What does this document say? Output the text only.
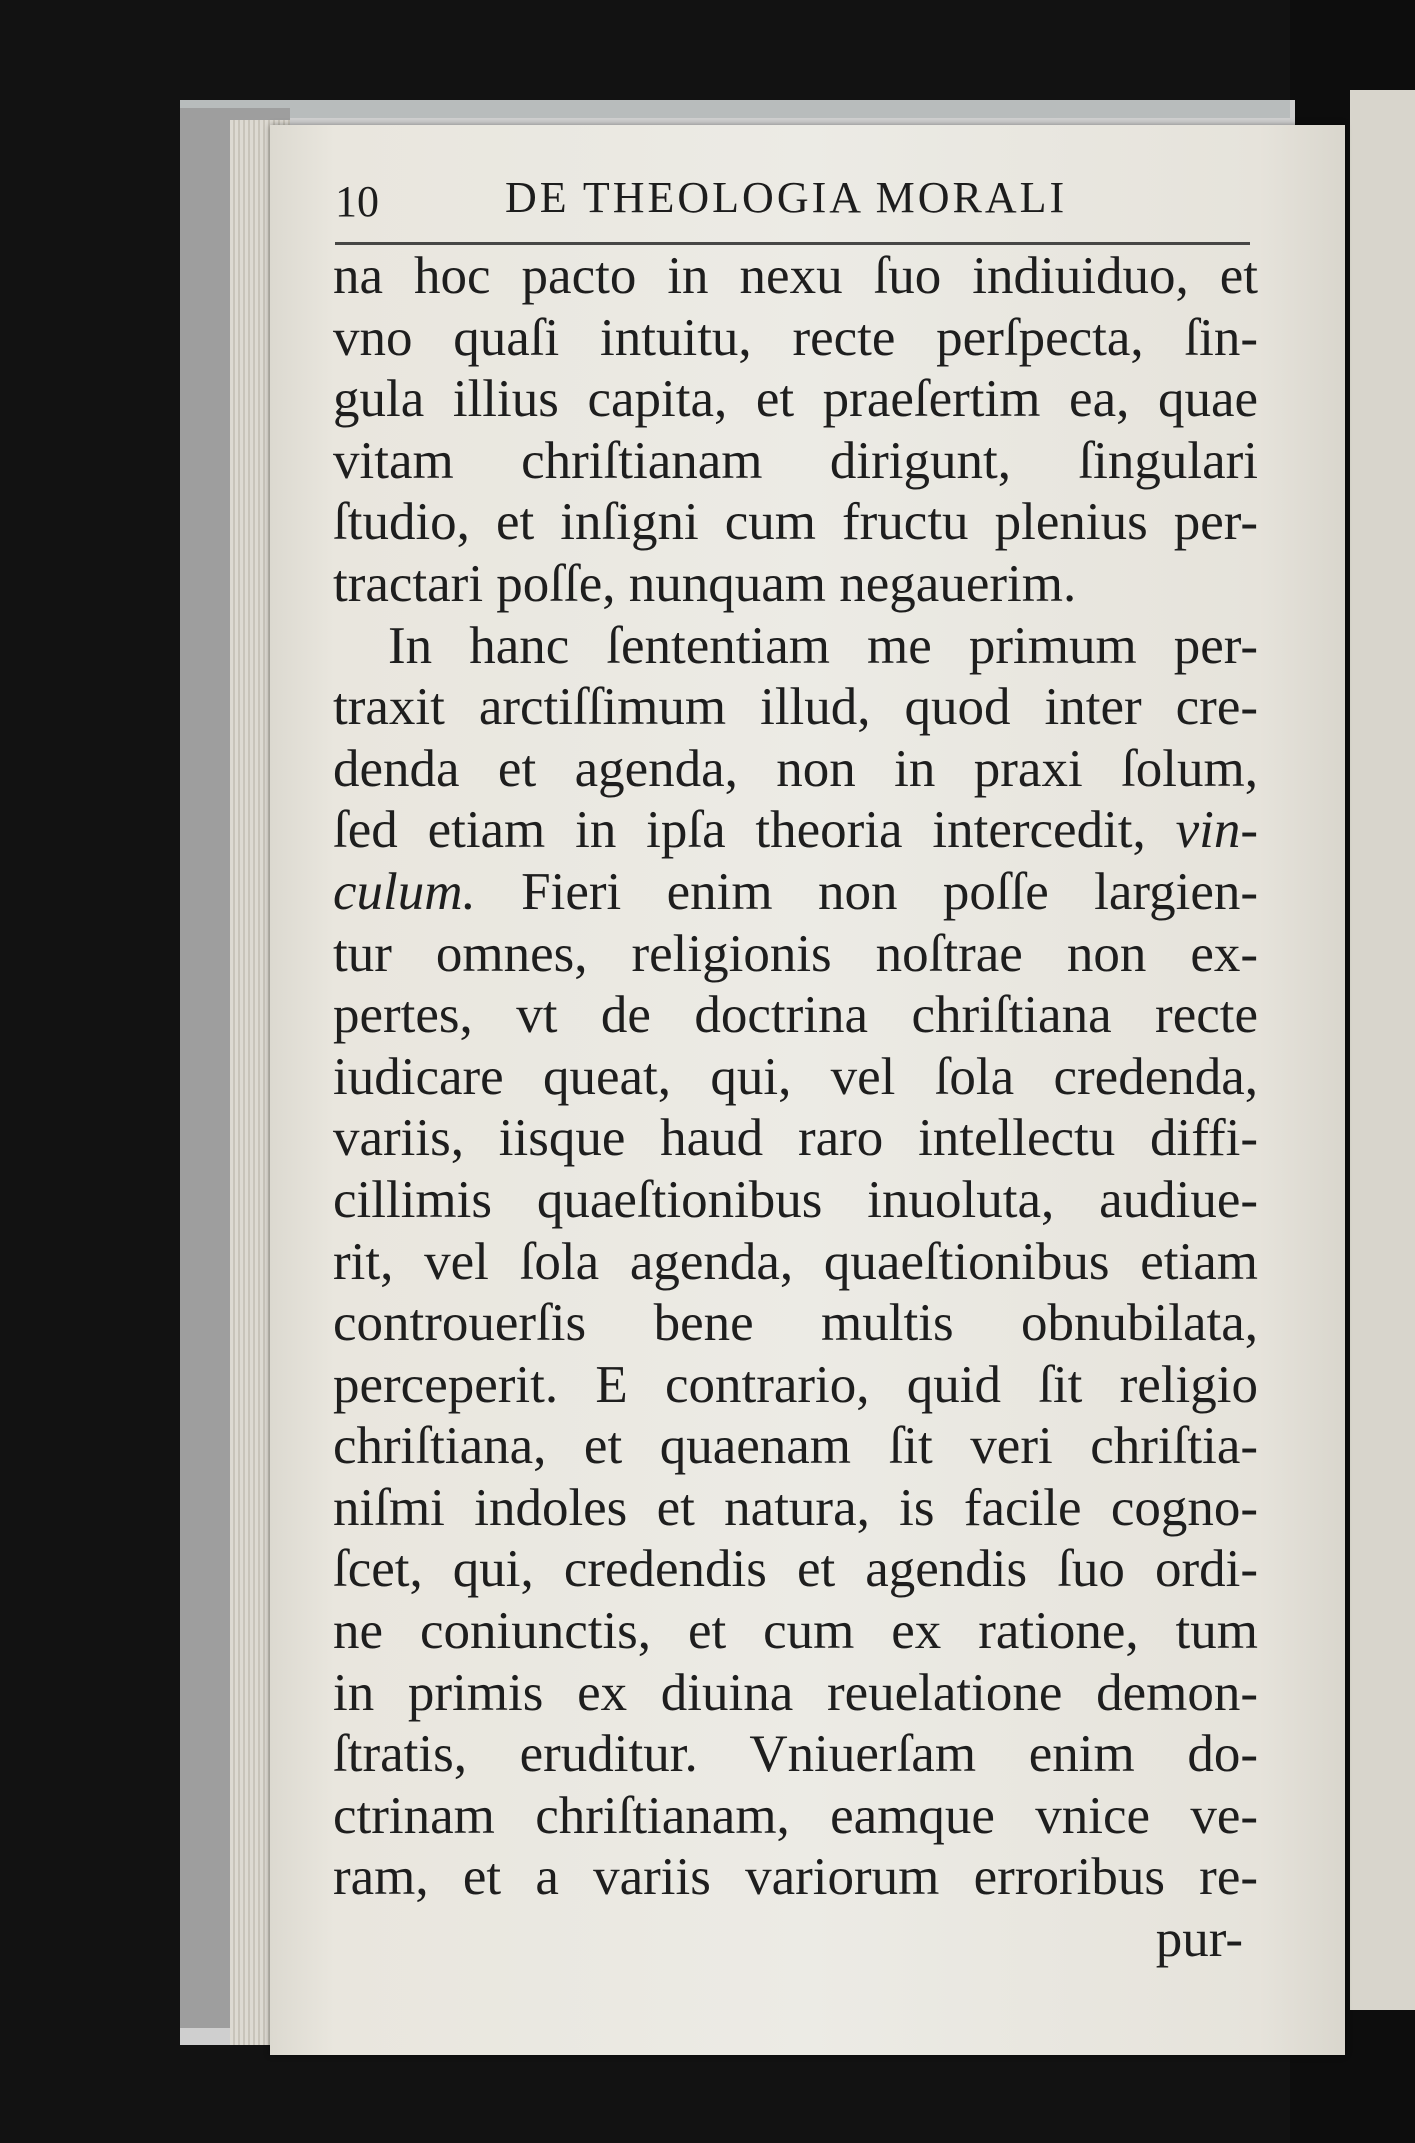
10	DE THEOLOGIA MORALI
na hoc pacto in nexu ſuo indiuiduo, et
vno quaſi intuitu, recte perſpecta, ſin-
gula illius capita, et praeſertim ea, quae
vitam chriſtianam dirigunt, ſingulari
ſtudio, et inſigni cum fructu plenius per-
tractari poſſe, nunquam negauerim.
In hanc ſententiam me primum per-
traxit arctiſſimum illud, quod inter cre-
denda et agenda, non in praxi ſolum,
ſed etiam in ipſa theoria intercedit, vin-
culum. Fieri enim non poſſe largien-
tur omnes, religionis noſtrae non ex-
pertes, vt de doctrina chriſtiana recte
iudicare queat, qui, vel ſola credenda,
variis, iisque haud raro intellectu diffi-
cillimis quaeſtionibus inuoluta, audiue-
rit, vel ſola agenda, quaeſtionibus etiam
controuerſis bene multis obnubilata,
perceperit. E contrario, quid ſit religio
chriſtiana, et quaenam ſit veri chriſtia-
niſmi indoles et natura, is facile cogno-
ſcet, qui, credendis et agendis ſuo ordi-
ne coniunctis, et cum ex ratione, tum
in primis ex diuina reuelatione demon-
ſtratis, eruditur. Vniuerſam enim do-
ctrinam chriſtianam, eamque vnice ve-
ram, et a variis variorum erroribus re-
pur-
